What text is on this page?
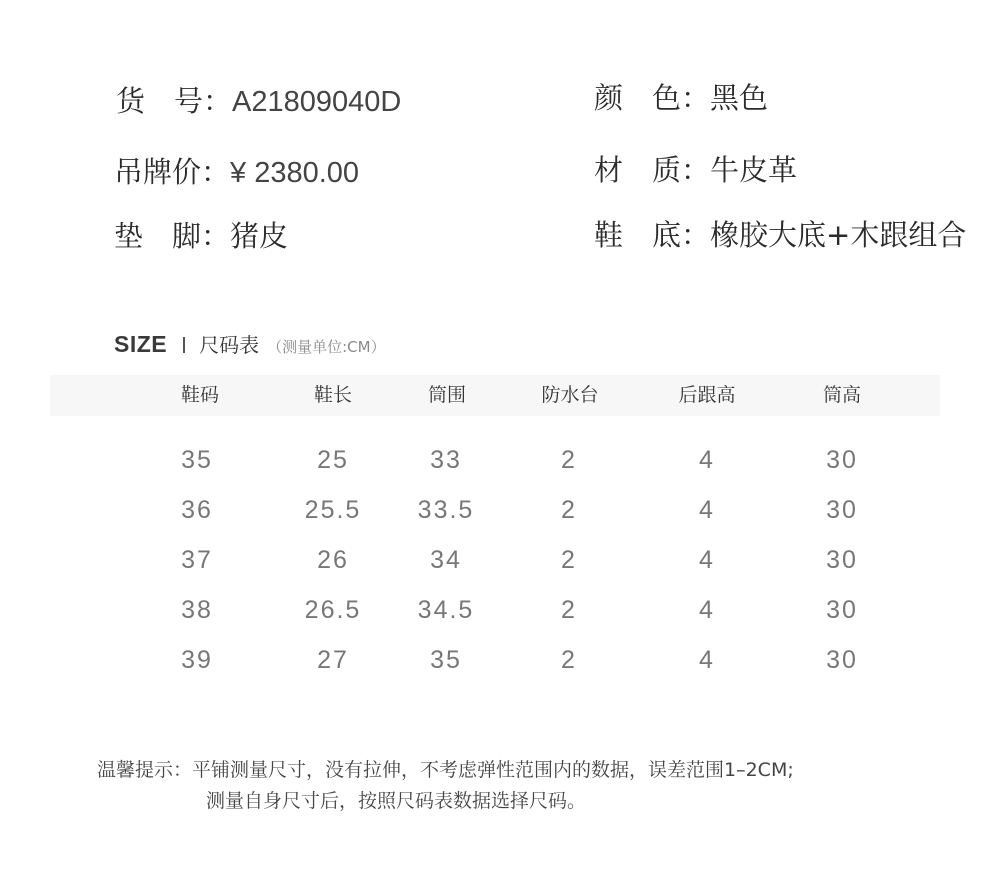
货　号：A21809040D
吊牌价：¥ 2380.00
垫　脚：猪皮
颜　色：黑色
材　质：牛皮革
鞋　底：橡胶大底+木跟组合
SIZE 尺码表 （测量单位:CM）
鞋码	鞋长	筒围	防水台	后跟高	筒高
35	25	33	2	4	30
36	25.5 33.5	2	4	30
37	26	34	2	4	30
38	26.5 34.5	2	4	30
39	27	35	2	4	30
温馨提示：平铺测量尺寸，没有拉伸，不考虑弹性范围内的数据，误差范围1–2CM;
测量自身尺寸后，按照尺码表数据选择尺码。
